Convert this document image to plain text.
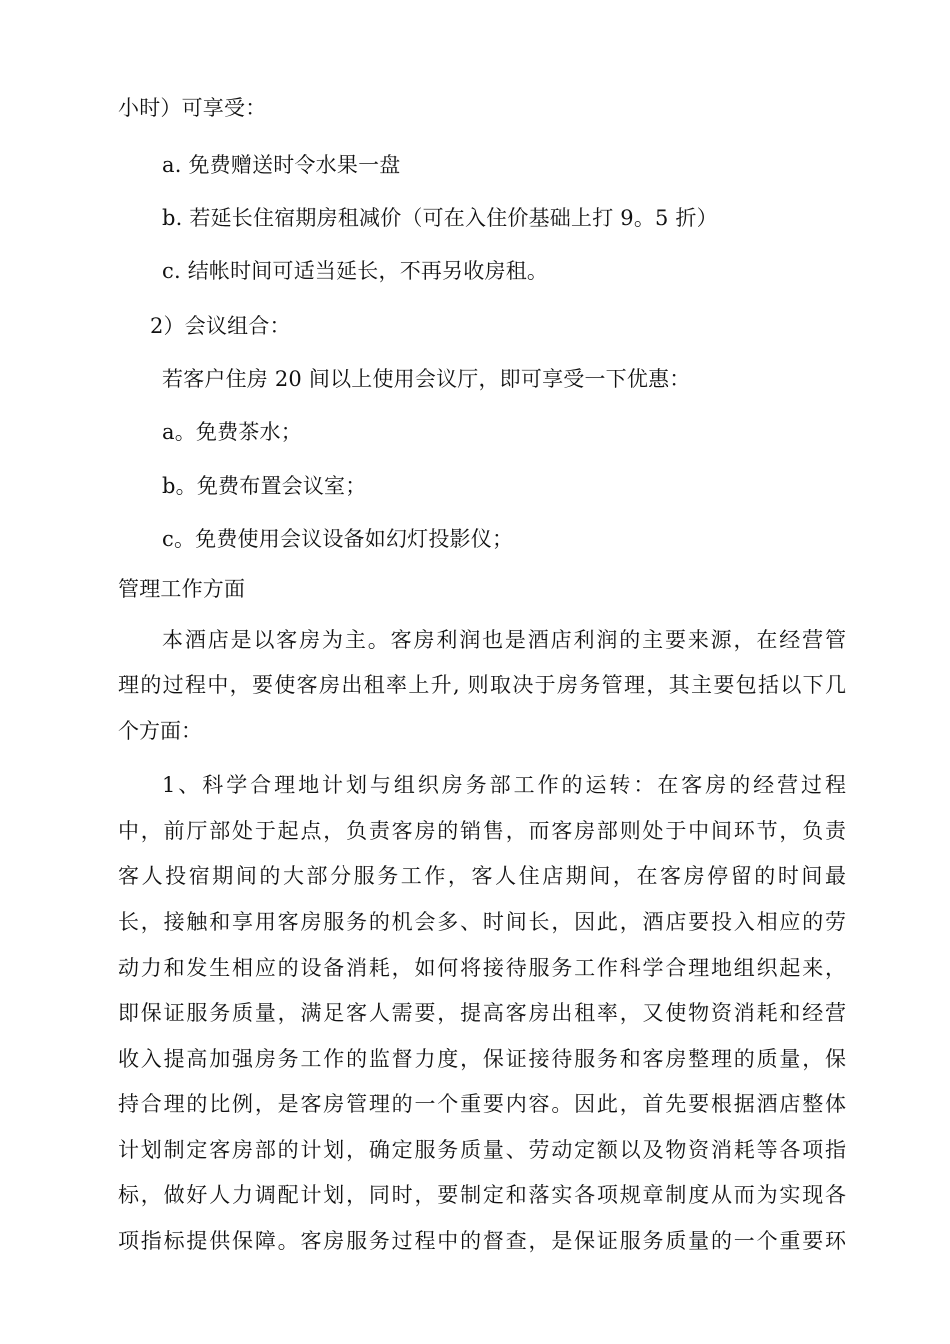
小时）可享受：
a. 免费赠送时令水果一盘
b. 若延长住宿期房租减价（可在入住价基础上打 9。5 折）
c. 结帐时间可适当延长，不再另收房租。
2）会议组合：
若客户住房 20 间以上使用会议厅，即可享受一下优惠：
a。免费茶水；
b。免费布置会议室；
c。免费使用会议设备如幻灯投影仪；
管理工作方面
本酒店是以客房为主。客房利润也是酒店利润的主要来源，在经营管
理的过程中，要使客房出租率上升, 则取决于房务管理，其主要包括以下几
个方面：
1、科学合理地计划与组织房务部工作的运转：在客房的经营过程
中，前厅部处于起点，负责客房的销售，而客房部则处于中间环节，负责
客人投宿期间的大部分服务工作，客人住店期间，在客房停留的时间最
长，接触和享用客房服务的机会多、时间长，因此，酒店要投入相应的劳
动力和发生相应的设备消耗，如何将接待服务工作科学合理地组织起来，
即保证服务质量，满足客人需要，提高客房出租率，又使物资消耗和经营
收入提高加强房务工作的监督力度，保证接待服务和客房整理的质量，保
持合理的比例，是客房管理的一个重要内容。因此，首先要根据酒店整体
计划制定客房部的计划，确定服务质量、劳动定额以及物资消耗等各项指
标，做好人力调配计划，同时，要制定和落实各项规章制度从而为实现各
项指标提供保障。客房服务过程中的督查，是保证服务质量的一个重要环
